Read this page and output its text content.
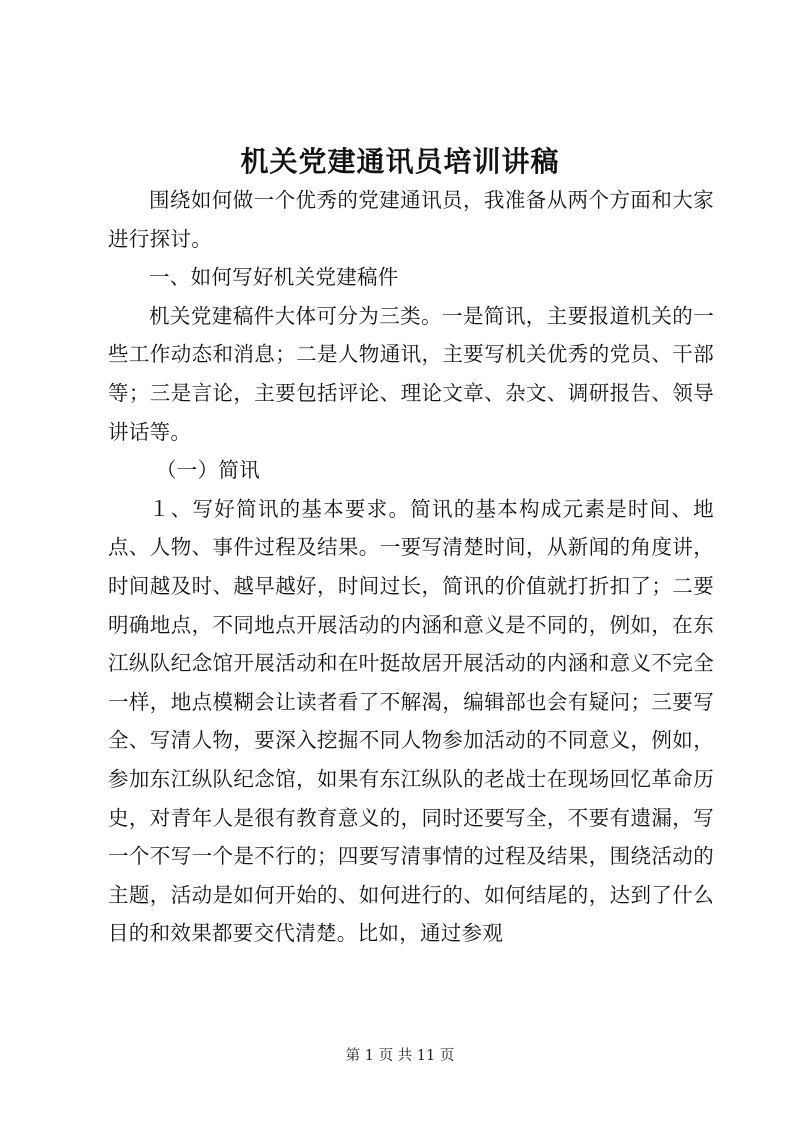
机关党建通讯员培训讲稿

围绕如何做一个优秀的党建通讯员，我准备从两个方面和大家进行探讨。

一、如何写好机关党建稿件

机关党建稿件大体可分为三类。一是简讯，主要报道机关的一些工作动态和消息；二是人物通讯，主要写机关优秀的党员、干部等；三是言论，主要包括评论、理论文章、杂文、调研报告、领导讲话等。

（一）简讯

１、写好简讯的基本要求。简讯的基本构成元素是时间、地点、人物、事件过程及结果。一要写清楚时间，从新闻的角度讲，时间越及时、越早越好，时间过长，简讯的价值就打折扣了；二要明确地点，不同地点开展活动的内涵和意义是不同的，例如，在东江纵队纪念馆开展活动和在叶挺故居开展活动的内涵和意义不完全一样，地点模糊会让读者看了不解渴，编辑部也会有疑问；三要写全、写清人物，要深入挖掘不同人物参加活动的不同意义，例如，参加东江纵队纪念馆，如果有东江纵队的老战士在现场回忆革命历史，对青年人是很有教育意义的，同时还要写全，不要有遗漏，写一个不写一个是不行的；四要写清事情的过程及结果，围绕活动的主题，活动是如何开始的、如何进行的、如何结尾的，达到了什么目的和效果都要交代清楚。比如，通过参观

第 1 页 共 11 页
